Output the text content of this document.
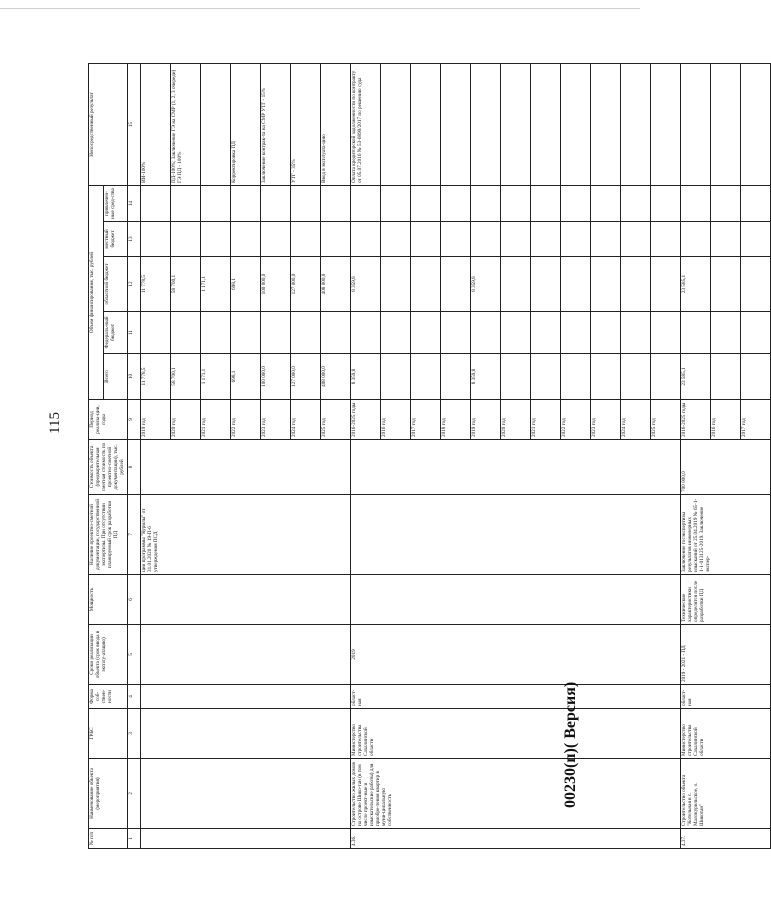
115
№ п/п	Наименование объекта (мероприятия)	ГРБС	Форма соб-ствен-ности	Сроки реализации объекта (срок ввода в эксплу-атацию)	Мощность	Наличие проектно-сметной документации, государственной экспертизы. При отсутствии планируемый срок разработки ПД	Стоимость объекта (предварительная сметная стоимость по проектно-сметной документации), тыс. рублей	Период реализа-ции, годы	Объем финансирования, тыс. рублей					Непосредственный результат
									Всего	Федераль-ный бюджет	областной бюджет	местный бюджет	привлечен-ные сред-ства	
1	2	3	4	5	6	7	8	9	10	11	12	13	14	15
						ции программы "Курилы" от 31.01.2020 № 19-П-6 утверждения ПСД		2019 год	11 778,5		11 778,5			ИИ-100%
								2020 год	58 700,1		58 700,1			ПД-100%; Заключение ГЭ на СМР (1, 2, 3 очереди) ГЭ ПД - 100%
								2021 год	1 171,1		1 171,1			
								2022 год	698,1		698,1			Корректировка ПД
								2023 год	100 000,0		100 000,0			Заключение контрак-та на СМР УТГ - 15%
								2024 год	127 000,0		127 000,0			УТГ - 35%
								2025 год	408 000,0		408 000,0			Ввод в эксплуата-цию
4.36.	Строительство жилых домов на острове Шико-тан (в том числе проект-ные и изыскательские работы) для приобре-тения квартир в муни-ципальную собственность	Министерство строительства Сахалинской области	област-ная	2019				2016-2025 годы	8 359,8		8 359,8			Оплата кредиторской задолженности по контракту от 05.07.2016 № 53-6890/2017 по решению суда
								2016 год						
								2017 год						
								2018 год						
								2019 год	8 359,8		8 359,8			
								2020 год						
								2021 год						
								2022 год						
								2023 год						
								2024 год						
								2025 год						
4.37.	Строительство объекта "Котельная в с. Малокурильское, о. Шикотан"	Министерство строительства Сахалинской области	област-ная	2019 - 2021 - ПД	Технические характеристики определятся после разработки ПД	Заключение госэкспертизы результатов инженерных изысканий от 25.04.2019 № 65-1-1-1-013125-2019. Заключение экспер-	700 000,0	2016-2025 годы	23 585,1		23 585,1			
								2016 год						
								2017 год						
00230(п)( Версия)
